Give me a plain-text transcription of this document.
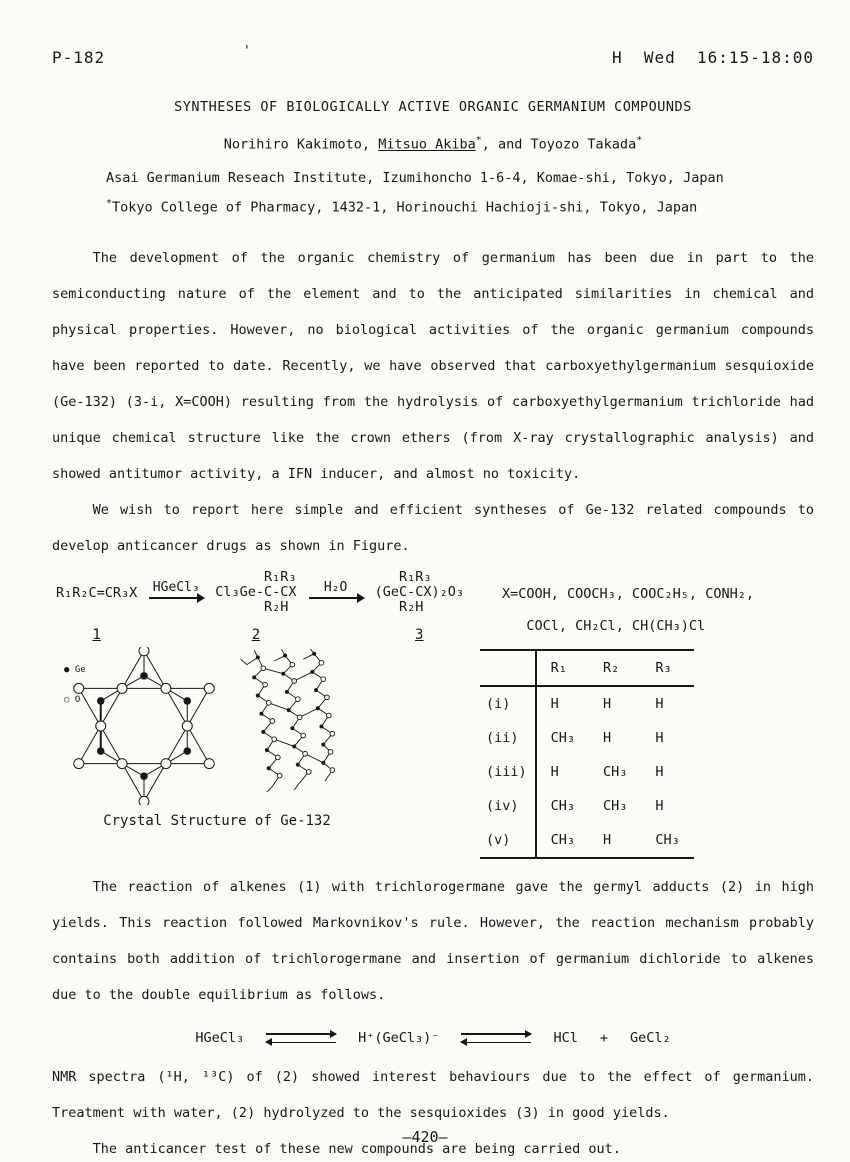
'
P-182	H  Wed  16:15-18:00
SYNTHESES OF BIOLOGICALLY ACTIVE ORGANIC GERMANIUM COMPOUNDS
Norihiro Kakimoto, Mitsuo Akiba*, and Toyozo Takada*
Asai Germanium Reseach Institute, Izumihoncho 1-6-4, Komae-shi, Tokyo, Japan
*Tokyo College of Pharmacy, 1432-1, Horinouchi Hachioji-shi, Tokyo, Japan

The development of the organic chemistry of germanium has been due in part to the semiconducting nature of the element and to the anticipated similarities in chemical and physical properties. However, no biological activities of the organic germanium compounds have been reported to date. Recently, we have observed that carboxyethylgermanium sesquioxide (Ge-132) (3-i, X=COOH) resulting from the hydrolysis of carboxyethylgermanium trichloride had unique chemical structure like the crown ethers (from X-ray crystallographic analysis) and showed antitumor activity, a IFN inducer, and almost no toxicity.

We wish to report here simple and efficient syntheses of Ge-132 related compounds to develop anticancer drugs as shown in Figure.

R₁R₂C=CR₃X HGeCl₃
R₁R₃
Cl₃Ge-C-CX
R₂H
H₂O
R₁R₃
(GeC-CX)₂O₃
R₂H
1	2	3
X=COOH, COOCH₃, COOC₂H₅, CONH₂,
COCl, CH₂Cl, CH(CH₃)Cl

● Ge

○ O

Crystal Structure of Ge-132
	R₁	R₂	R₃
(i)	H	H	H
(ii)	CH₃	H	H
(iii)	H	CH₃	H
(iv)	CH₃	CH₃	H
(v)	CH₃	H	CH₃

The reaction of alkenes (1) with trichlorogermane gave the germyl adducts (2) in high yields. This reaction followed Markovnikov's rule. However, the reaction mechanism probably contains both addition of trichlorogermane and insertion of germanium dichloride to alkenes due to the double equilibrium as follows.

HGeCl₃	H⁺(GeCl₃)⁻	HCl + GeCl₂

NMR spectra (¹H, ¹³C) of (2) showed interest behaviours due to the effect of germanium. Treatment with water, (2) hydrolyzed to the sesquioxides (3) in good yields.

The anticancer test of these new compounds are being carried out.

—420—
